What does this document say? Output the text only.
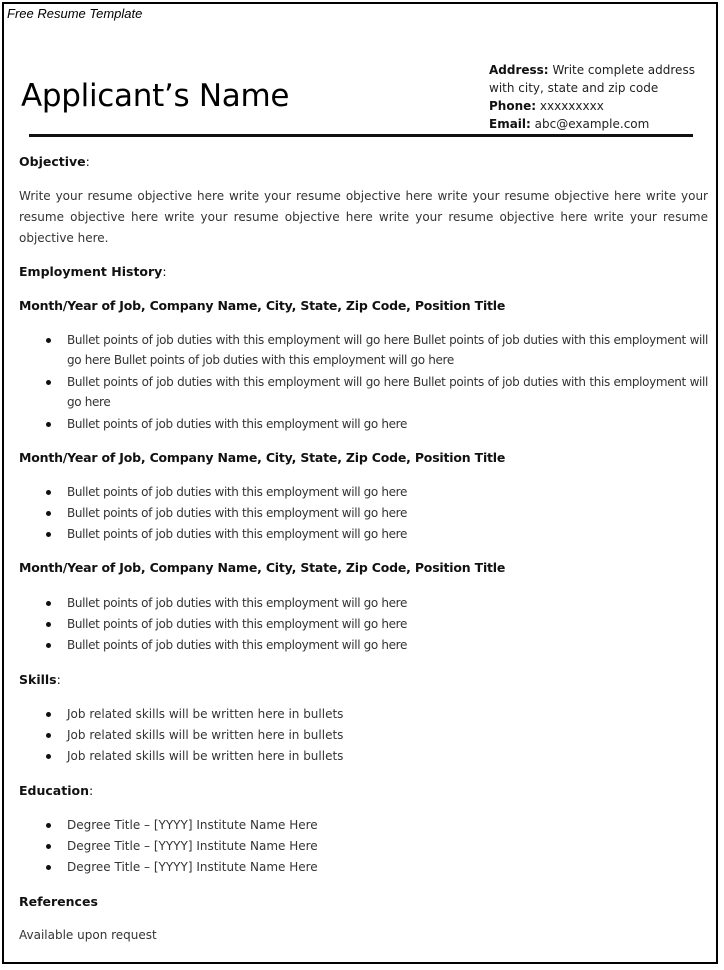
Free Resume Template
Applicant’s Name
Address: Write complete address
with city, state and zip code
Phone: xxxxxxxxx
Email: abc@example.com
Objective:

Write your resume objective here write your resume objective here write your resume objective here write your resume objective here write your resume objective here write your resume objective here write your resume objective here.

Employment History:
Month/Year of Job, Company Name, City, State, Zip Code, Position Title
Bullet points of job duties with this employment will go here Bullet points of job duties with this employment will go here Bullet points of job duties with this employment will go here
Bullet points of job duties with this employment will go here Bullet points of job duties with this employment will go here
Bullet points of job duties with this employment will go here
Month/Year of Job, Company Name, City, State, Zip Code, Position Title
Bullet points of job duties with this employment will go here
Bullet points of job duties with this employment will go here
Bullet points of job duties with this employment will go here
Month/Year of Job, Company Name, City, State, Zip Code, Position Title
Bullet points of job duties with this employment will go here
Bullet points of job duties with this employment will go here
Bullet points of job duties with this employment will go here
Skills:
Job related skills will be written here in bullets
Job related skills will be written here in bullets
Job related skills will be written here in bullets
Education:
Degree Title – [YYYY] Institute Name Here
Degree Title – [YYYY] Institute Name Here
Degree Title – [YYYY] Institute Name Here
References
Available upon request
